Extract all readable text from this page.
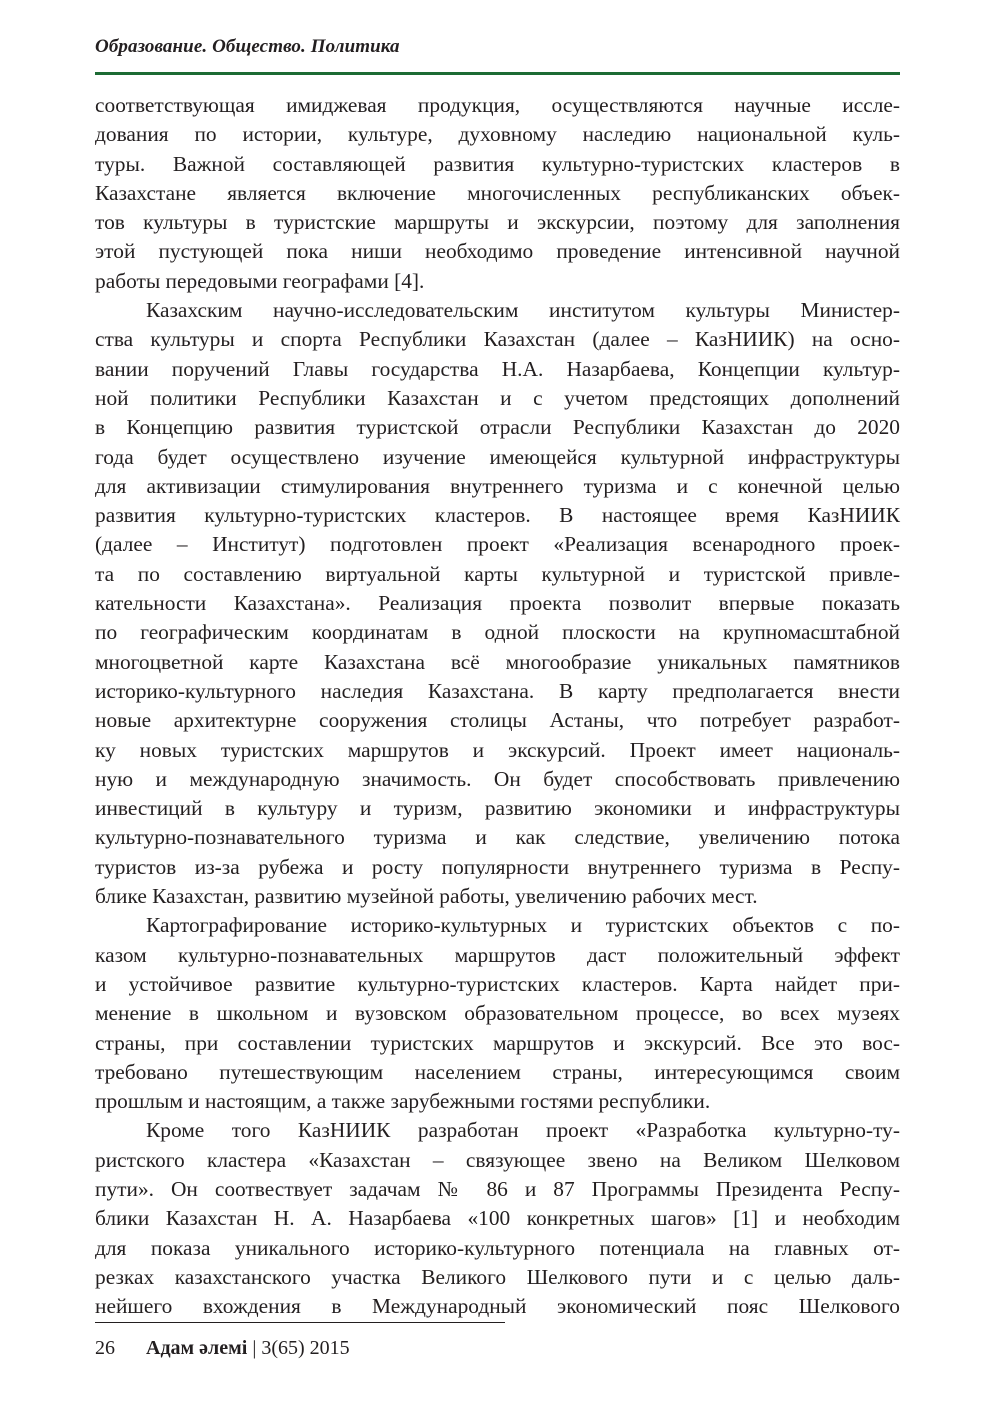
Образование. Общество. Политика
соответствующая имиджевая продукция, осуществляются научные иссле-
дования по истории, культуре, духовному наследию национальной куль-
туры. Важной составляющей развития культурно-туристских кластеров в
Казахстане является включение многочисленных республиканских объек-
тов культуры в туристские маршруты и экскурсии, поэтому для заполнения
этой пустующей пока ниши необходимо проведение интенсивной научной
работы передовыми географами [4].
Казахским научно-исследовательским институтом культуры Министер-
ства культуры и спорта Республики Казахстан (далее – КазНИИК) на осно-
вании поручений Главы государства Н.А. Назарбаева, Концепции культур-
ной политики Республики Казахстан и с учетом предстоящих дополнений
в Концепцию развития туристской отрасли Республики Казахстан до 2020
года будет осуществлено изучение имеющейся культурной инфраструктуры
для активизации стимулирования внутреннего туризма и с конечной целью
развития культурно-туристских кластеров. В настоящее время КазНИИК
(далее – Институт) подготовлен проект «Реализация всенародного проек-
та по составлению виртуальной карты культурной и туристской привле-
кательности Казахстана». Реализация проекта позволит впервые показать
по географическим координатам в одной плоскости на крупномасштабной
многоцветной карте Казахстана всё многообразие уникальных памятников
историко-культурного наследия Казахстана. В карту предполагается внести
новые архитектурне сооружения столицы Астаны, что потребует разработ-
ку новых туристских маршрутов и экскурсий. Проект имеет националь-
ную и международную значимость. Он будет способствовать привлечению
инвестиций в культуру и туризм, развитию экономики и инфраструктуры
культурно-познавательного туризма и как следствие, увеличению потока
туристов из-за рубежа и росту популярности внутреннего туризма в Респу-
блике Казахстан, развитию музейной работы, увеличению рабочих мест.
Картографирование историко-культурных и туристских объектов с по-
казом культурно-познавательных маршрутов даст положительный эффект
и устойчивое развитие культурно-туристских кластеров. Карта найдет при-
менение в школьном и вузовском образовательном процессе, во всех музеях
страны, при составлении туристских маршрутов и экскурсий. Все это вос-
требовано путешествующим населением страны, интересующимся своим
прошлым и настоящим, а также зарубежными гостями республики.
Кроме того КазНИИК разработан проект «Разработка культурно-ту-
ристского кластера «Казахстан – связующее звено на Великом Шелковом
пути». Он соотвествует задачам № 86 и 87 Программы Президента Респу-
блики Казахстан Н. А. Назарбаева «100 конкретных шагов» [1] и необходим
для показа уникального историко-культурного потенциала на главных от-
резках казахстанского участка Великого Шелкового пути и с целью даль-
нейшего вхождения в Международный экономический пояс Шелкового
26 Адам әлемі | 3(65) 2015
